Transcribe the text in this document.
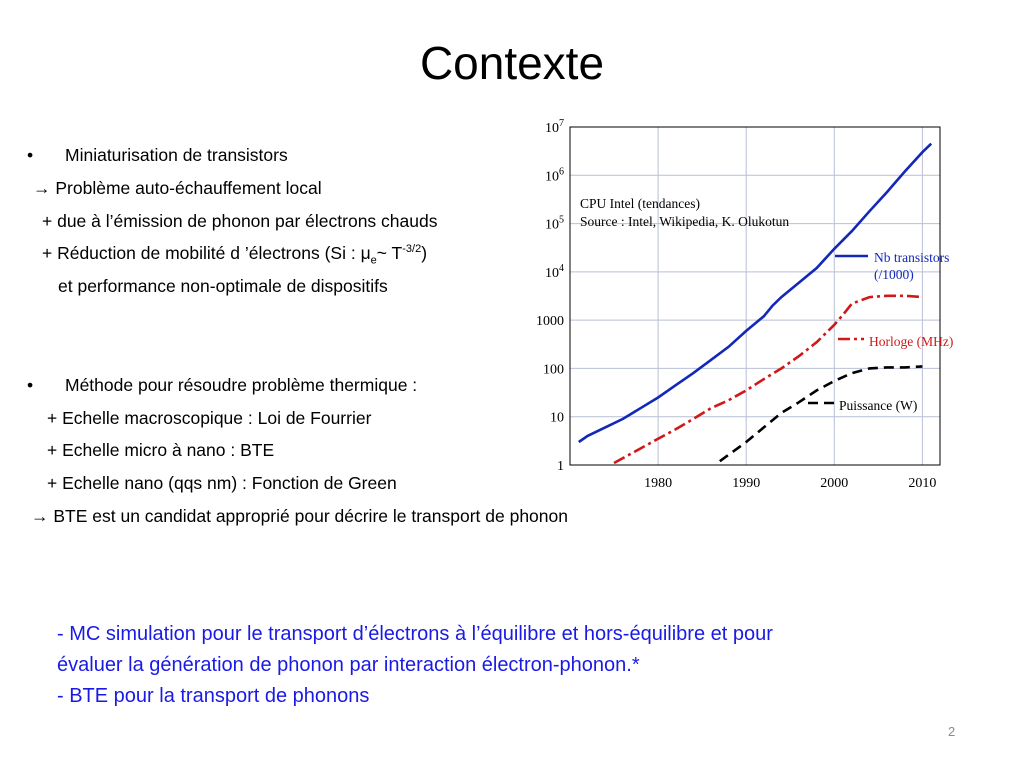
Contexte
• Miniaturisation de transistors
→ Problème auto-échauffement local
+ due à l’émission de phonon par électrons chauds
+ Réduction de mobilité d ’électrons (Si : $\mu_e\sim$ $T^{-3/2}$)
et performance non-optimale de dispositifs
• Méthode pour résoudre problème thermique :
+ Echelle macroscopique : Loi de Fourrier
+ Echelle micro à nano : BTE
+ Echelle nano (qqs nm) : Fonction de Green
→ BTE est un candidat approprié pour décrire le transport de phonon
1
10
100
1000
$10^4$
$10^5$
$10^6$
$10^7$
1980	1990	2000	2010
Nb transistors
(/1000)
Horloge (MHz)
Puissance (W)
CPU Intel (tendances)
Source : Intel, Wikipedia, K. Olukotun
- MC simulation pour le transport d’électrons à l’équilibre et hors-équilibre et pour
évaluer la génération de phonon par interaction électron-phonon.*
- BTE pour la transport de phonons
2
